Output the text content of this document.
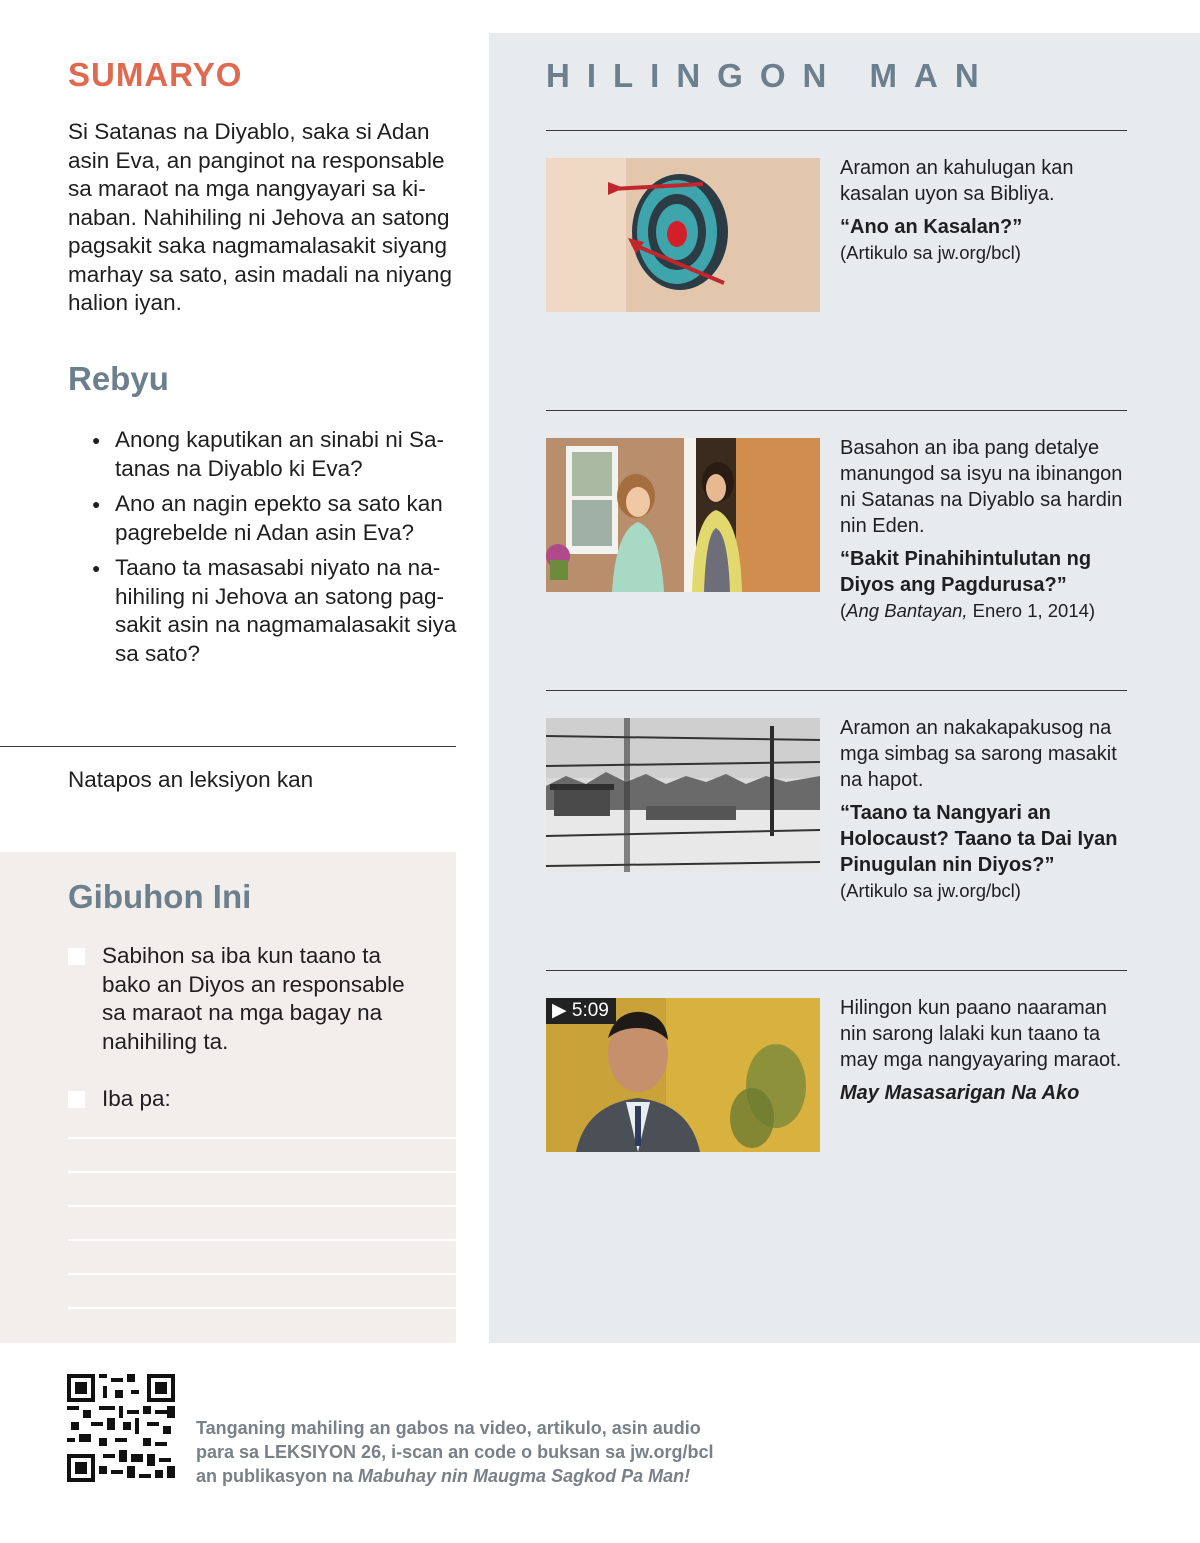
SUMARYO

Si Satanas na Diyablo, saka si Adan asin Eva, an panginot na responsable sa maraot na mga nangyayari sa kinaban. Nahihiling ni Jehova an satong pagsakit saka nagmamalasakit siyang marhay sa sato, asin madali na niyang halion iyan.

Rebyu
● Anong kaputikan an sinabi ni Satanas na Diyablo ki Eva?
● Ano an nagin epekto sa sato kan pagrebelde ni Adan asin Eva?
● Taano ta masasabi niyato na nahihiling ni Jehova an satong pagsakit asin na nagmamalasakit siya sa sato?
Natapos an leksiyon kan
Gibuhon Ini
Sabihon sa iba kun taano ta bako an Diyos an responsable sa maraot na mga bagay na nahihiling ta.
Iba pa:
HILINGON MAN

Aramon an kahulugan kan kasalan uyon sa Bibliya.

“Ano an Kasalan?”

(Artikulo sa jw.org/bcl)

Basahon an iba pang detalye manungod sa isyu na ibinangon ni Satanas na Diyablo sa hardin nin Eden.

“Bakit Pinahihintulutan ng Diyos ang Pagdurusa?”

(Ang Bantayan, Enero 1, 2014)

Aramon an nakakapakusog na mga simbag sa sarong masakit na hapot.

“Taano ta Nangyari an Holocaust? Taano ta Dai Iyan Pinugulan nin Diyos?”

(Artikulo sa jw.org/bcl)

▶ 5:09	Hilingon kun paano naaraman nin sarong lalaki kun taano ta may mga nangyayaring maraot.

May Masasarigan Na Ako

Tanganing mahiling an gabos na video, artikulo, asin audio
para sa LEKSIYON 26, i-scan an code o buksan sa jw.org/bcl
an publikasyon na Mabuhay nin Maugma Sagkod Pa Man!
